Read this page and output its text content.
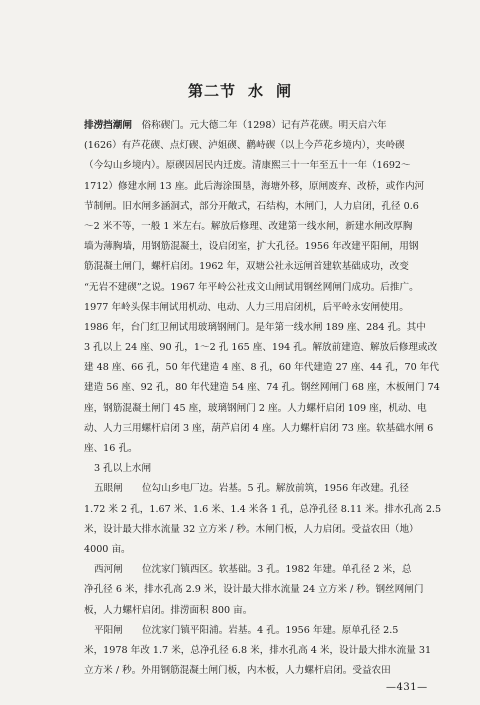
第二节 水 闸
排涝挡潮闸　俗称碶门。元大德二年（1298）记有芦花碶。明天启六年
(1626）有芦花碶、点灯碶、泸姐碶、鹳峙碶（以上今芦花乡境内），夹岭碶
（今勾山乡境内）。原碶因居民内迁废。清康熙三十一年至五十一年（1692～
1712）修建水闸 13 座。此后海涂围垦，海塘外移，原闸废弃、改桥，或作内河
节制闸。旧水闸多涵洞式，部分开敞式，石结构，木闸门，人力启闭，孔径 0.6
～2 米不等，一般 1 米左右。解放后修理、改建第一线水闸，新建水闸改厚胸
墙为薄胸墙，用钢筋混凝土，设启闭室，扩大孔径。1956 年改建平阳闸，用钢
筋混凝土闸门，螺杆启闭。1962 年，双塘公社永远闸首建软基础成功，改变
“无岩不建碶”之说。1967 年平岭公社戎文山闸试用钢丝网闸门成功。后推广。
1977 年岭头保丰闸试用机动、电动、人力三用启闭机，后平岭永安闸使用。
1986 年，台门红卫闸试用玻璃钢闸门。是年第一线水闸 189 座、284 孔。其中
3 孔以上 24 座、90 孔，1～2 孔 165 座、194 孔。解放前建造、解放后修理或改
建 48 座、66 孔，50 年代建造 4 座、8 孔，60 年代建造 27 座、44 孔，70 年代
建造 56 座、92 孔，80 年代建造 54 座、74 孔。钢丝网闸门 68 座，木板闸门 74
座，钢筋混凝土闸门 45 座，玻璃钢闸门 2 座。人力螺杆启闭 109 座，机动、电
动、人力三用螺杆启闭 3 座，葫芦启闭 4 座。人力螺杆启闭 73 座。软基础水闸 6
座、16 孔。
3 孔以上水闸
五眼闸　　位勾山乡电厂边。岩基。5 孔。解放前筑，1956 年改建。孔径
1.72 米 2 孔，1.67 米、1.6 米、1.4 米各 1 孔，总净孔径 8.11 米。排水孔高 2.5
米，设计最大排水流量 32 立方米 / 秒。木闸门板，人力启闭。受益农田（地）
4000 亩。
西河闸　　位沈家门镇西区。软基础。3 孔。1982 年建。单孔径 2 米，总
净孔径 6 米，排水孔高 2.9 米，设计最大排水流量 24 立方米 / 秒。钢丝网闸门
板，人力螺杆启闭。排涝面积 800 亩。
平阳闸　　位沈家门镇平阳浦。岩基。4 孔。1956 年建。原单孔径 2.5
米，1978 年改 1.7 米，总净孔径 6.8 米，排水孔高 4 米，设计最大排水流量 31
立方米 / 秒。外用钢筋混凝土闸门板，内木板，人力螺杆启闭。受益农田
—431—
